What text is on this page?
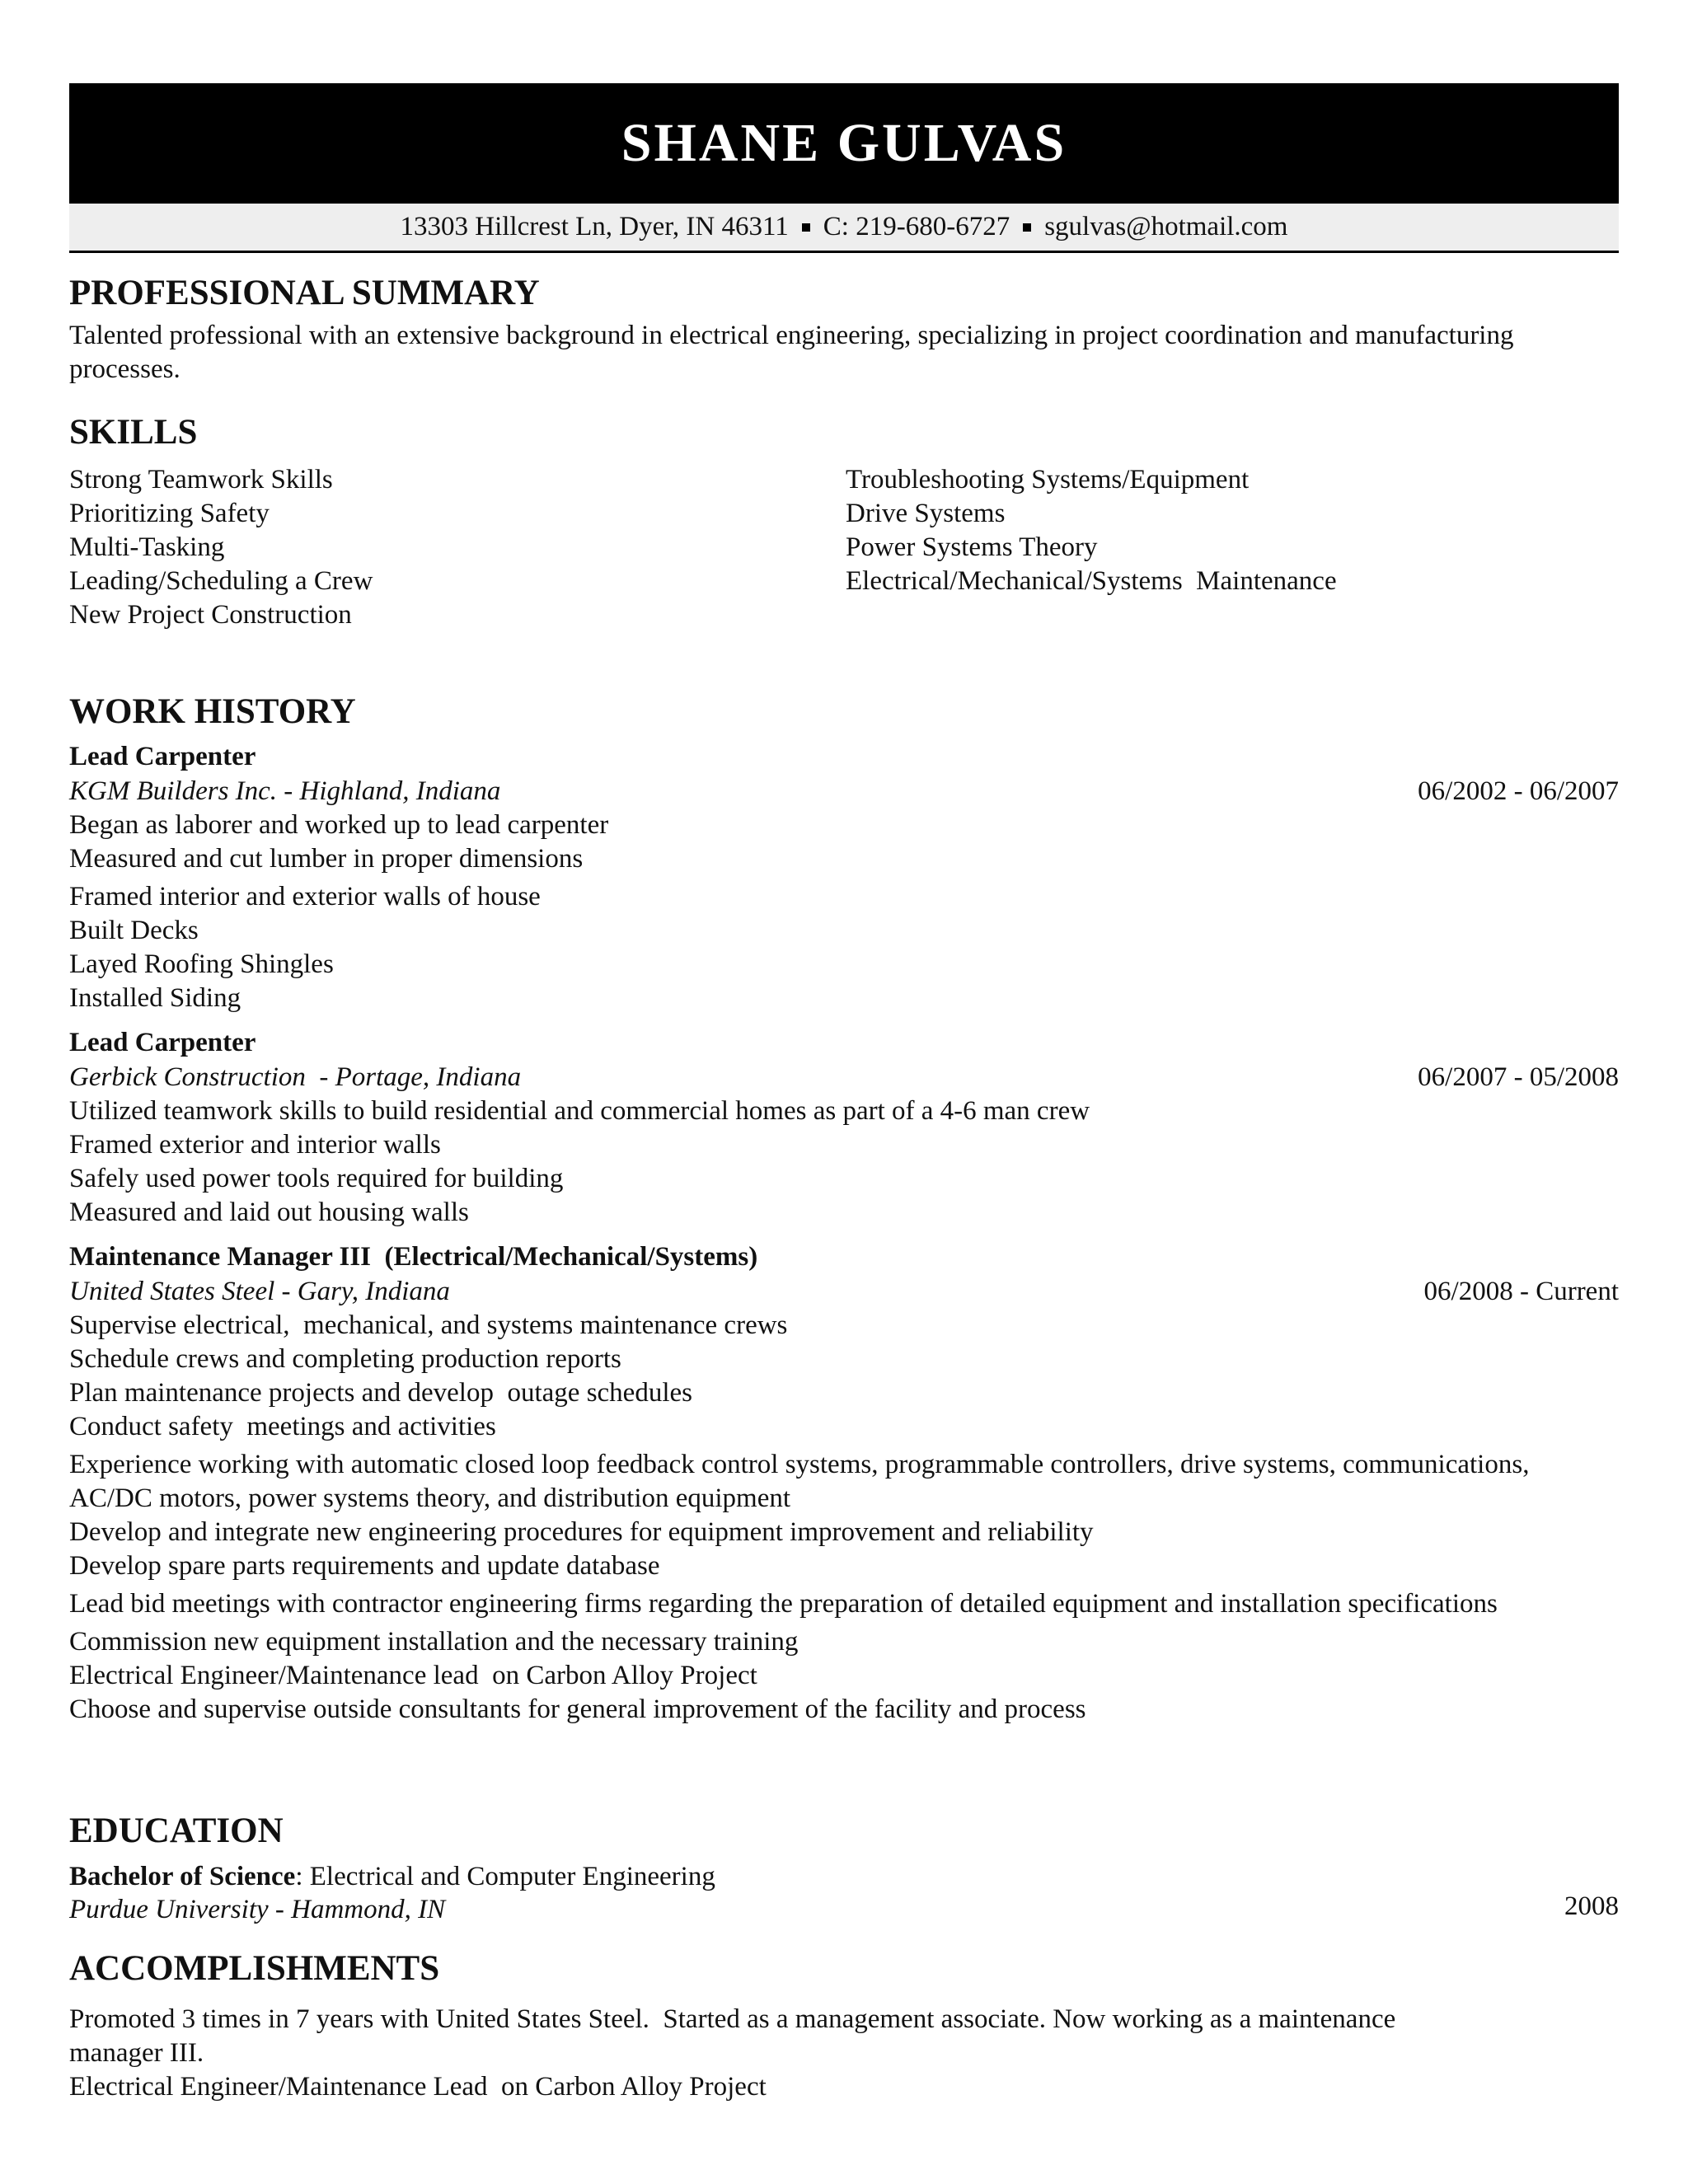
SHANE GULVAS
13303 Hillcrest Ln, Dyer, IN 46311 C: 219-680-6727 sgulvas@hotmail.com
PROFESSIONAL SUMMARY
Talented professional with an extensive background in electrical engineering, specializing in project coordination and manufacturing processes.
SKILLS
Strong Teamwork Skills
Prioritizing Safety
Multi-Tasking
Leading/Scheduling a Crew
New Project Construction
Troubleshooting Systems/Equipment
Drive Systems
Power Systems Theory
Electrical/Mechanical/Systems  Maintenance
WORK HISTORY
Lead Carpenter
KGM Builders Inc. - Highland, Indiana	06/2002 - 06/2007
Began as laborer and worked up to lead carpenter
Measured and cut lumber in proper dimensions
Framed interior and exterior walls of house
Built Decks
Layed Roofing Shingles
Installed Siding
Lead Carpenter
Gerbick Construction  - Portage, Indiana	06/2007 - 05/2008
Utilized teamwork skills to build residential and commercial homes as part of a 4-6 man crew
Framed exterior and interior walls
Safely used power tools required for building
Measured and laid out housing walls
Maintenance Manager III  (Electrical/Mechanical/Systems)
United States Steel - Gary, Indiana	06/2008 - Current
Supervise electrical,  mechanical, and systems maintenance crews
Schedule crews and completing production reports
Plan maintenance projects and develop  outage schedules
Conduct safety  meetings and activities
Experience working with automatic closed loop feedback control systems, programmable controllers, drive systems, communications, AC/DC motors, power systems theory, and distribution equipment
Develop and integrate new engineering procedures for equipment improvement and reliability
Develop spare parts requirements and update database
Lead bid meetings with contractor engineering firms regarding the preparation of detailed equipment and installation specifications
Commission new equipment installation and the necessary training
Electrical Engineer/Maintenance lead  on Carbon Alloy Project
Choose and supervise outside consultants for general improvement of the facility and process
EDUCATION
Bachelor of Science: Electrical and Computer Engineering
Purdue University - Hammond, IN	2008
ACCOMPLISHMENTS
Promoted 3 times in 7 years with United States Steel.  Started as a management associate. Now working as a maintenance manager III.
Electrical Engineer/Maintenance Lead  on Carbon Alloy Project
